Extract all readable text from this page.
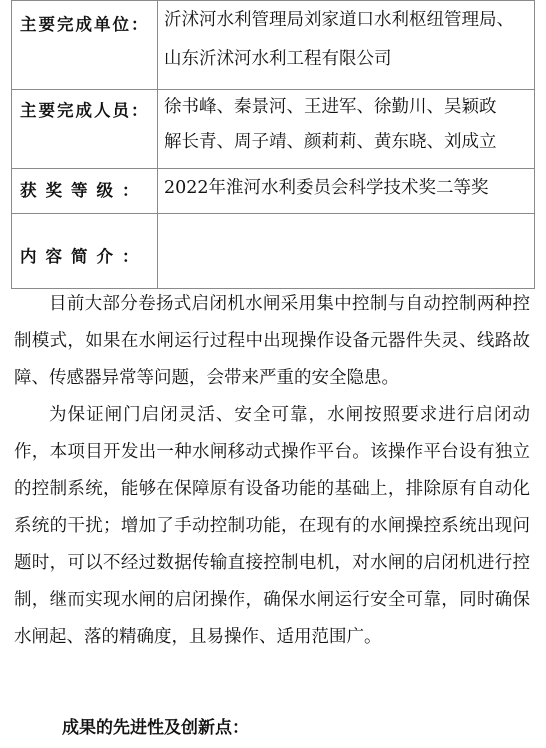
主要完成单位：	沂沭河水利管理局刘家道口水利枢纽管理局、
山东沂沭河水利工程有限公司

主要完成人员：	徐书峰、秦景河、王进军、徐勤川、吴颖政
解长青、周子靖、颜莉莉、黄东晓、刘成立

获奖等级：	2022年淮河水利委员会科学技术奖二等奖

内容简介：	

目前大部分卷扬式启闭机水闸采用集中控制与自动控制两种控制模式，如果在水闸运行过程中出现操作设备元器件失灵、线路故障、传感器异常等问题，会带来严重的安全隐患。

为保证闸门启闭灵活、安全可靠，水闸按照要求进行启闭动作，本项目开发出一种水闸移动式操作平台。该操作平台设有独立的控制系统，能够在保障原有设备功能的基础上，排除原有自动化系统的干扰；增加了手动控制功能，在现有的水闸操控系统出现问题时，可以不经过数据传输直接控制电机，对水闸的启闭机进行控制，继而实现水闸的启闭操作，确保水闸运行安全可靠，同时确保水闸起、落的精确度，且易操作、适用范围广。

成果的先进性及创新点：
